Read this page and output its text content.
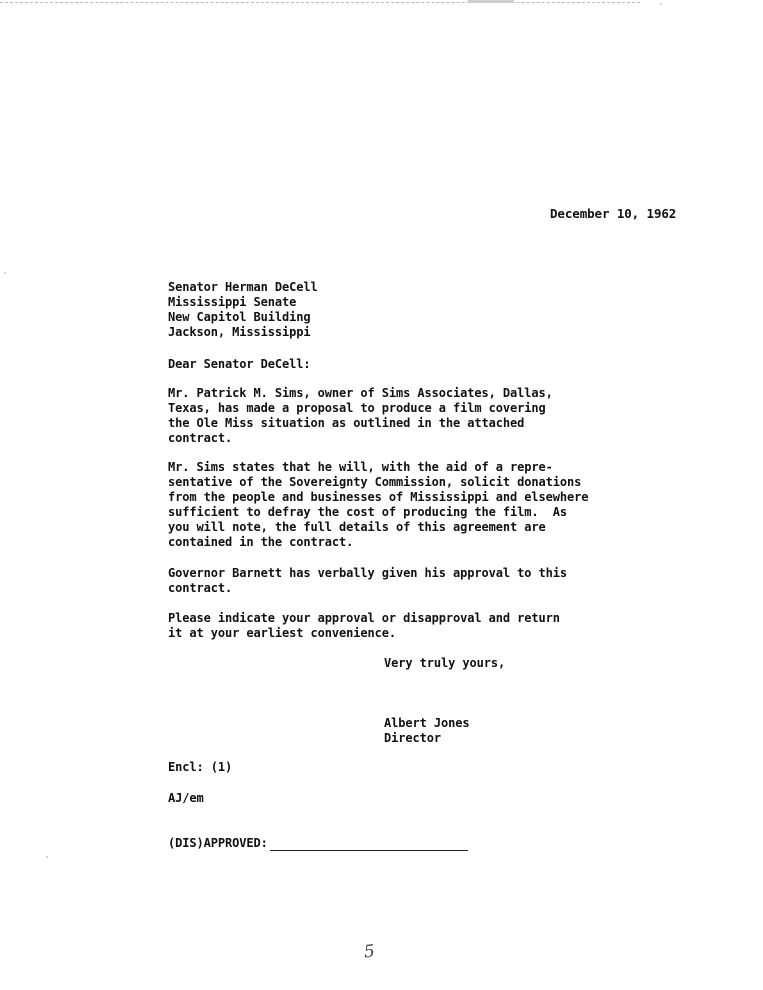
December 10, 1962
Senator Herman DeCell
Mississippi Senate
New Capitol Building
Jackson, Mississippi
Dear Senator DeCell:
Mr. Patrick M. Sims, owner of Sims Associates, Dallas,
Texas, has made a proposal to produce a film covering
the Ole Miss situation as outlined in the attached
contract.
Mr. Sims states that he will, with the aid of a repre-
sentative of the Sovereignty Commission, solicit donations
from the people and businesses of Mississippi and elsewhere
sufficient to defray the cost of producing the film.  As
you will note, the full details of this agreement are
contained in the contract.
Governor Barnett has verbally given his approval to this
contract.
Please indicate your approval or disapproval and return
it at your earliest convenience.
Very truly yours,
Albert Jones
Director
Encl: (1)
AJ/em
(DIS)APPROVED:
5
